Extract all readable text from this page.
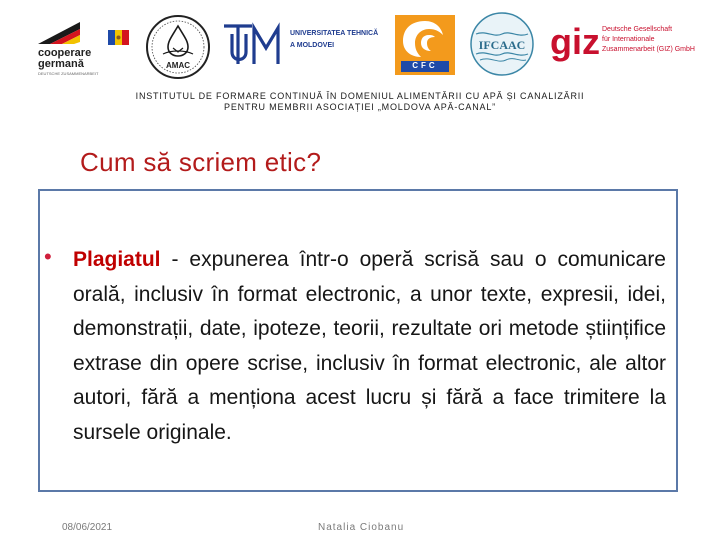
cooperare
germană
DEUTSCHE ZUSAMMENARBEIT
AMAC
UNIVERSITATEA TEHNICĂ
A MOLDOVEI
CFC
IFCAAC giz Deutsche Gesellschaft
für Internationale
Zusammenarbeit (GIZ) GmbH
INSTITUTUL DE FORMARE CONTINUĂ ÎN DOMENIUL ALIMENTĂRII CU APĂ ȘI CANALIZĂRII
PENTRU MEMBRII ASOCIAȚIEI „MOLDOVA APĂ-CANAL”
Cum să scriem etic?
• Plagiatul - expunerea într-o operă scrisă sau o comunicare orală, inclusiv în format electronic, a unor texte, expresii, idei, demonstrații, date, ipoteze, teorii, rezultate ori metode științifice extrase din opere scrise, inclusiv în format electronic, ale altor autori, fără a menționa acest lucru și fără a face trimitere la sursele originale.
08/06/2021	Natalia Ciobanu
